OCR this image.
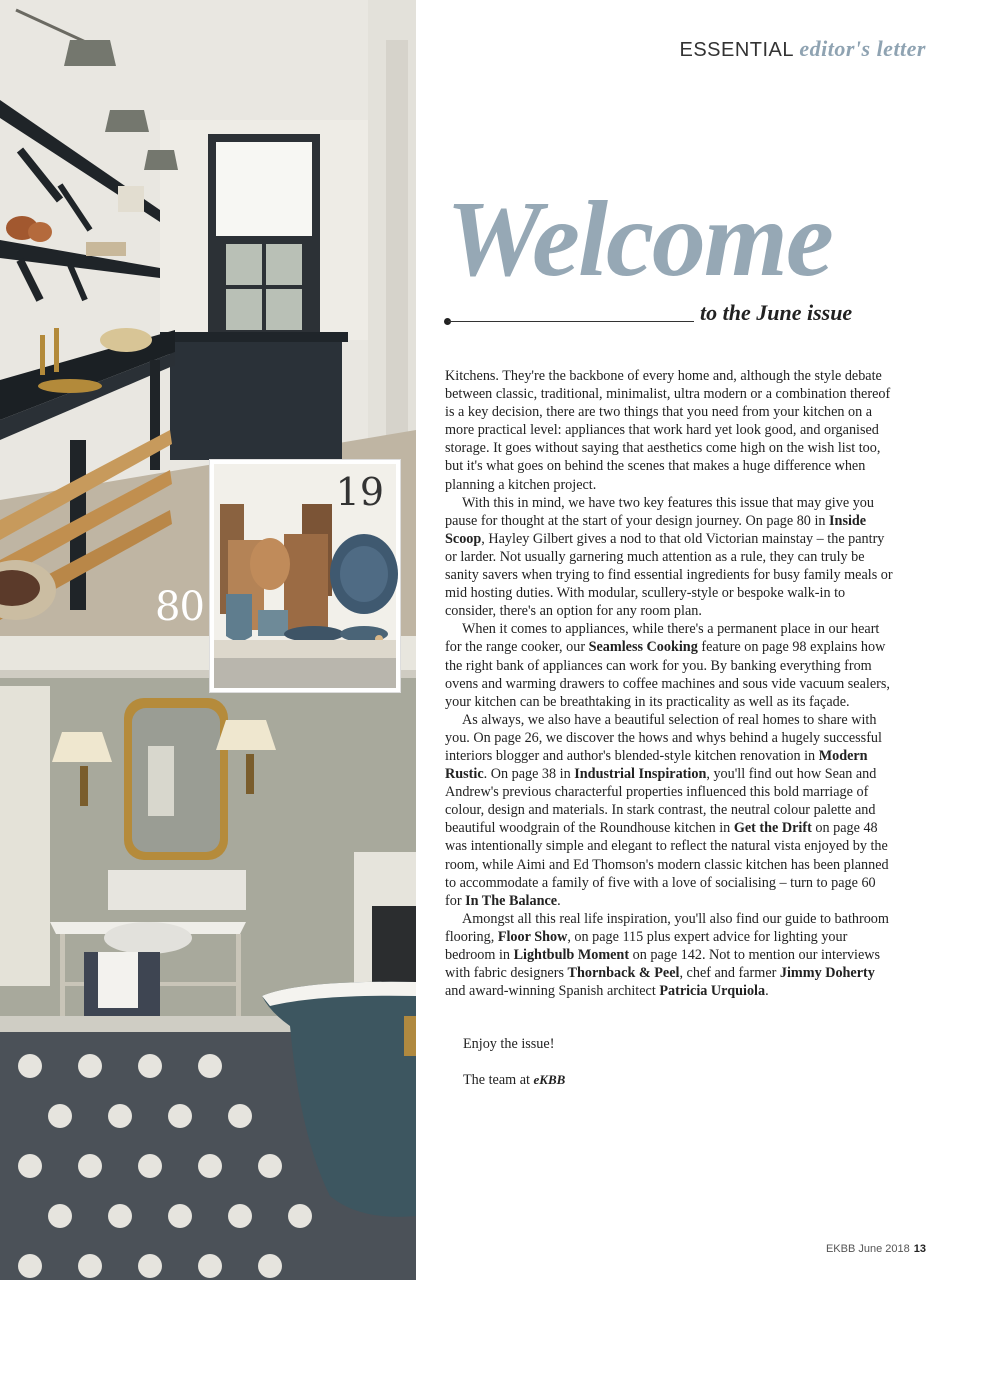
80
117
19
ESSENTIAL editor's letter
Welcome
to the June issue

Kitchens. They're the backbone of every home and, although the style debate between classic, traditional, minimalist, ultra modern or a combination thereof is a key decision, there are two things that you need from your kitchen on a more practical level: appliances that work hard yet look good, and organised storage. It goes without saying that aesthetics come high on the wish list too, but it's what goes on behind the scenes that makes a huge difference when planning a kitchen project.

With this in mind, we have two key features this issue that may give you pause for thought at the start of your design journey. On page 80 in Inside Scoop, Hayley Gilbert gives a nod to that old Victorian mainstay – the pantry or larder. Not usually garnering much attention as a rule, they can truly be sanity savers when trying to find essential ingredients for busy family meals or mid hosting duties. With modular, scullery-style or bespoke walk-in to consider, there's an option for any room plan.

When it comes to appliances, while there's a permanent place in our heart for the range cooker, our Seamless Cooking feature on page 98 explains how the right bank of appliances can work for you. By banking everything from ovens and warming drawers to coffee machines and sous vide vacuum sealers, your kitchen can be breathtaking in its practicality as well as its façade.

As always, we also have a beautiful selection of real homes to share with you. On page 26, we discover the hows and whys behind a hugely successful interiors blogger and author's blended-style kitchen renovation in Modern Rustic. On page 38 in Industrial Inspiration, you'll find out how Sean and Andrew's previous characterful properties influenced this bold marriage of colour, design and materials. In stark contrast, the neutral colour palette and beautiful woodgrain of the Roundhouse kitchen in Get the Drift on page 48 was intentionally simple and elegant to reflect the natural vista enjoyed by the room, while Aimi and Ed Thomson's modern classic kitchen has been planned to accommodate a family of five with a love of socialising – turn to page 60 for In The Balance.

Amongst all this real life inspiration, you'll also find our guide to bathroom flooring, Floor Show, on page 115 plus expert advice for lighting your bedroom in Lightbulb Moment on page 142. Not to mention our interviews with fabric designers Thornback & Peel, chef and farmer Jimmy Doherty and award-winning Spanish architect Patricia Urquiola.

Enjoy the issue!
The team at eKBB
EKBB June 2018 13
